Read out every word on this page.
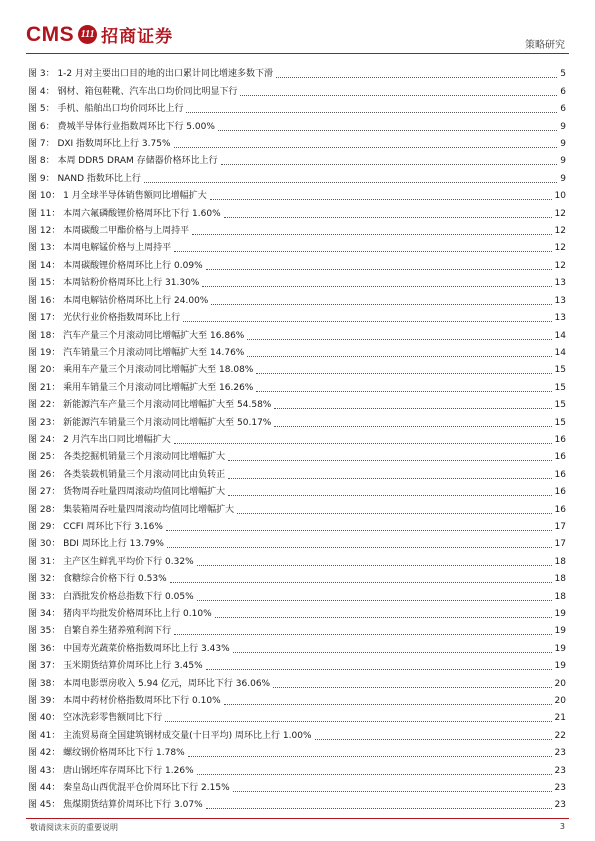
CMS 111 招商证券	策略研究
图 3： 1-2 月对主要出口目的地的出口累计同比增速多数下滑	5
图 4： 钢材、箱包鞋靴、汽车出口均价同比明显下行	6
图 5： 手机、船舶出口均价同环比上行	6
图 6： 费城半导体行业指数周环比下行 5.00%	9
图 7： DXI 指数周环比上行 3.75%	9
图 8： 本周 DDR5 DRAM 存储器价格环比上行	9
图 9： NAND 指数环比上行	9
图 10： 1 月全球半导体销售额同比增幅扩大	10
图 11： 本周六氟磷酸锂价格周环比下行 1.60%	12
图 12： 本周碳酸二甲酯价格与上周持平	12
图 13： 本周电解锰价格与上周持平	12
图 14： 本周碳酸锂价格周环比上行 0.09%	12
图 15： 本周钴粉价格周环比上行 31.30%	13
图 16： 本周电解钴价格周环比上行 24.00%	13
图 17： 光伏行业价格指数周环比上行	13
图 18： 汽车产量三个月滚动同比增幅扩大至 16.86%	14
图 19： 汽车销量三个月滚动同比增幅扩大至 14.76%	14
图 20： 乘用车产量三个月滚动同比增幅扩大至 18.08%	15
图 21： 乘用车销量三个月滚动同比增幅扩大至 16.26%	15
图 22： 新能源汽车产量三个月滚动同比增幅扩大至 54.58%	15
图 23： 新能源汽车销量三个月滚动同比增幅扩大至 50.17%	15
图 24： 2 月汽车出口同比增幅扩大	16
图 25： 各类挖掘机销量三个月滚动同比增幅扩大	16
图 26： 各类装载机销量三个月滚动同比由负转正	16
图 27： 货物周吞吐量四周滚动均值同比增幅扩大	16
图 28： 集装箱周吞吐量四周滚动均值同比增幅扩大	16
图 29： CCFI 周环比下行 3.16%	17
图 30： BDI 周环比上行 13.79%	17
图 31： 主产区生鲜乳平均价下行 0.32%	18
图 32： 食糖综合价格下行 0.53%	18
图 33： 白酒批发价格总指数下行 0.05%	18
图 34： 猪肉平均批发价格周环比上行 0.10%	19
图 35： 自繁自养生猪养殖利润下行	19
图 36： 中国寿光蔬菜价格指数周环比上行 3.43%	19
图 37： 玉米期货结算价周环比上行 3.45%	19
图 38： 本周电影票房收入 5.94 亿元，周环比下行 36.06%	20
图 39： 本周中药材价格指数周环比下行 0.10%	20
图 40： 空冰洗彩零售额同比下行	21
图 41： 主流贸易商全国建筑钢材成交量(十日平均) 周环比上行 1.00%	22
图 42： 螺纹钢价格周环比下行 1.78%	23
图 43： 唐山钢坯库存周环比下行 1.26%	23
图 44： 秦皇岛山西优混平仓价周环比下行 2.15%	23
图 45： 焦煤期货结算价周环比下行 3.07%	23
敬请阅读末页的重要说明	3
